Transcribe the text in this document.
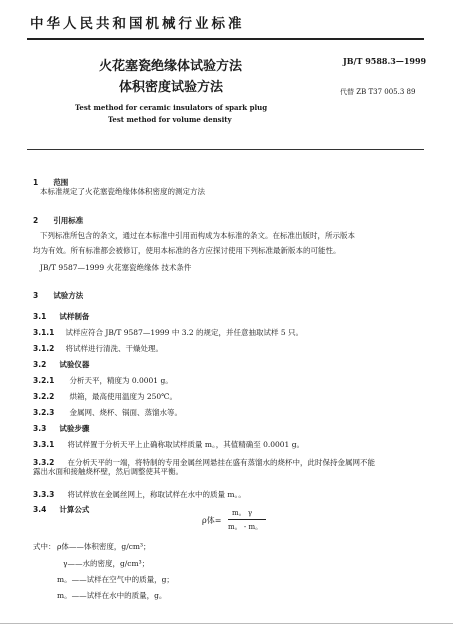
中华人民共和国机械行业标准
火花塞瓷绝缘体试验方法
体积密度试验方法
JB/T 9588.3—1999
代替 ZB T37 005.3 89
Test method for ceramic insulators of spark plug
Test method for volume density
1 范围
本标准规定了火花塞瓷绝缘体体积密度的测定方法
2 引用标准
下列标准所包含的条文，通过在本标准中引用而构成为本标准的条文。在标准出版时，所示版本
均为有效。所有标准都会被修订，使用本标准的各方应探讨使用下列标准最新版本的可能性。
JB/T 9587—1999 火花塞瓷绝缘体 技术条件
3 试验方法
3.1 试样制备
3.1.1 试样应符合 JB/T 9587—1999 中 3.2 的规定，并任意抽取试样 5 只。
3.1.2 将试样进行清洗、干燥处理。
3.2 试验仪器
3.2.1 分析天平，精度为 0.0001 g。
3.2.2 烘箱，最高使用温度为 250℃。
3.2.3 金属网、烧杯、锅面、蒸馏水等。
3.3 试验步骤
3.3.1 将试样置于分析天平上止确称取试样质量 m。，其值精确至 0.0001 g。
3.3.2 在分析天平的一端，将特制的专用金属丝网悬挂在盛有蒸馏水的烧杯中，此时保持金属网不能
露出水面和接触烧杯壁，然后调整使其平衡。
3.3.3 将试样放在金属丝网上，称取试样在水中的质量 m。。
3.4 计算公式
ρ体=
m。 γ
m。 - m。
式中： ρ体——体积密度，g/cm³；
γ——水的密度，g/cm³；
m。——试样在空气中的质量，g；
m。——试样在水中的质量，g。
